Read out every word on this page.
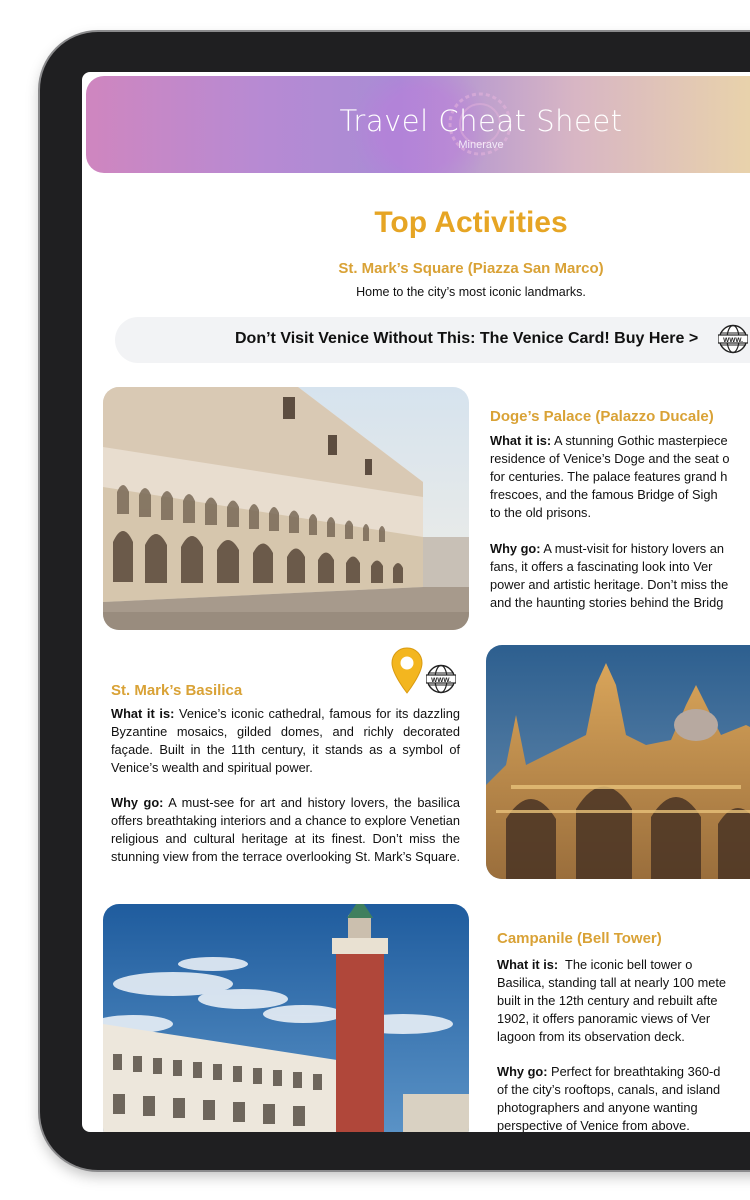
Travel Cheat Sheet
Minerave
Top Activities
St. Mark’s Square (Piazza San Marco)
Home to the city’s most iconic landmarks.
Don’t Visit Venice Without This: The Venice Card! Buy Here >	WWW.
Doge’s Palace (Palazzo Ducale)
What it is: A stunning Gothic masterpiece
residence of Venice’s Doge and the seat o
for centuries. The palace features grand h
frescoes, and the famous Bridge of Sigh
to the old prisons.
Why go: A must-visit for history lovers an
fans, it offers a fascinating look into Ver
power and artistic heritage. Don’t miss the
and the haunting stories behind the Bridg
WWW.
St. Mark’s Basilica
What it is: Venice’s iconic cathedral, famous for its dazzling Byzantine mosaics, gilded domes, and richly decorated façade. Built in the 11th century, it stands as a symbol of Venice’s wealth and spiritual power.
Why go: A must-see for art and history lovers, the basilica offers breathtaking interiors and a chance to explore Venetian religious and cultural heritage at its finest. Don’t miss the stunning view from the terrace overlooking St. Mark’s Square.
Campanile (Bell Tower)
What it is:  The iconic bell tower o
Basilica, standing tall at nearly 100 mete
built in the 12th century and rebuilt afte
1902, it offers panoramic views of Ver
lagoon from its observation deck.
Why go: Perfect for breathtaking 360-d
of the city’s rooftops, canals, and island
photographers and anyone wanting
perspective of Venice from above.
